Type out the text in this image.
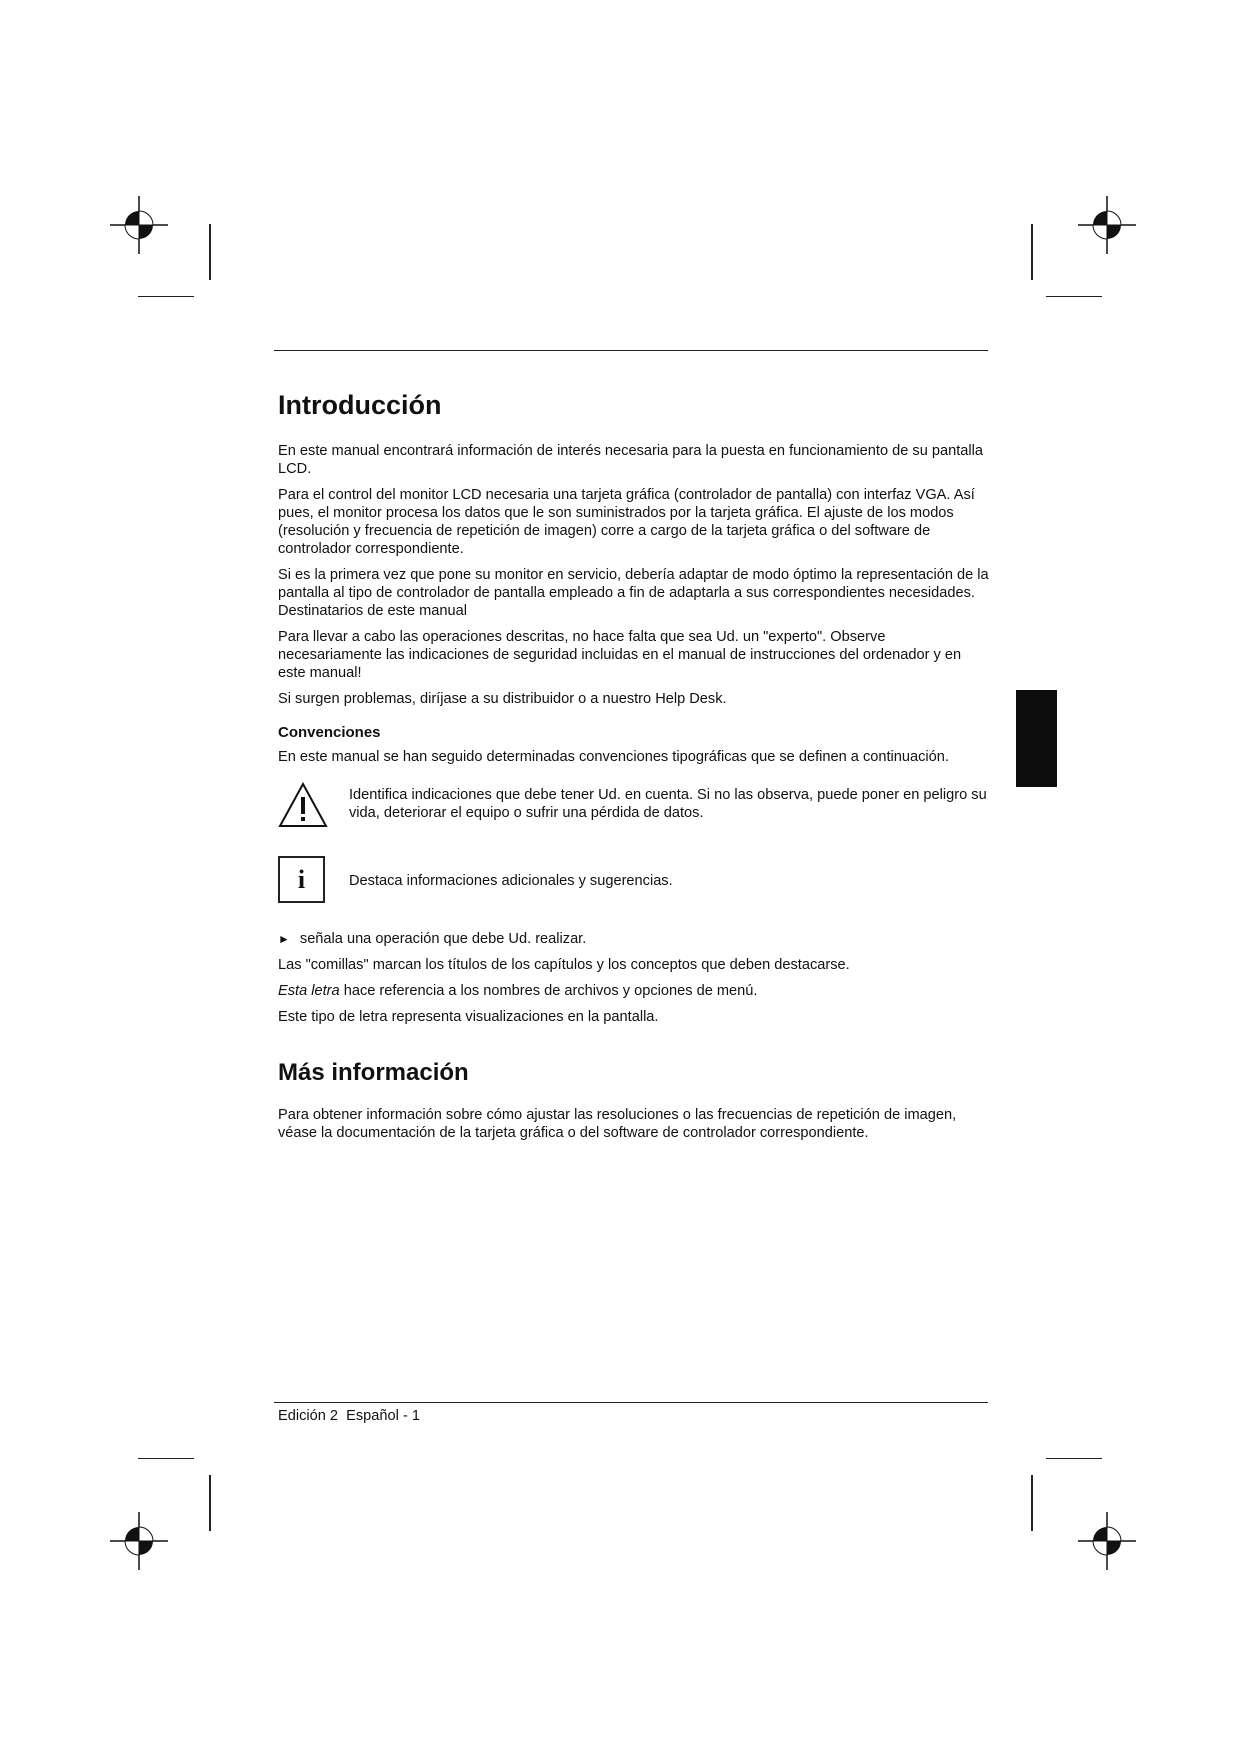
Introducción

En este manual encontrará información de interés necesaria para la puesta en funcionamiento de su pantalla LCD.

Para el control del monitor LCD necesaria una tarjeta gráfica (controlador de pantalla) con interfaz VGA. Así pues, el monitor procesa los datos que le son suministrados por la tarjeta gráfica. El ajuste de los modos (resolución y frecuencia de repetición de imagen) corre a cargo de la tarjeta gráfica o del software de controlador correspondiente.

Si es la primera vez que pone su monitor en servicio, debería adaptar de modo óptimo la representación de la pantalla al tipo de controlador de pantalla empleado a fin de adaptarla a sus correspondientes necesidades. Destinatarios de este manual

Para llevar a cabo las operaciones descritas, no hace falta que sea Ud. un "experto". Observe necesariamente las indicaciones de seguridad incluidas en el manual de instrucciones del ordenador y en este manual!

Si surgen problemas, diríjase a su distribuidor o a nuestro Help Desk.

Convenciones

En este manual se han seguido determinadas convenciones tipográficas que se definen a continuación.

Identifica indicaciones que debe tener Ud. en cuenta. Si no las observa, puede poner en peligro su vida, deteriorar el equipo o sufrir una pérdida de datos.
i	Destaca informaciones adicionales y sugerencias.

► señala una operación que debe Ud. realizar.

Las "comillas" marcan los títulos de los capítulos y los conceptos que deben destacarse.

Esta letra hace referencia a los nombres de archivos y opciones de menú.

Este tipo de letra representa visualizaciones en la pantalla.

Más información

Para obtener información sobre cómo ajustar las resoluciones o las frecuencias de repetición de imagen, véase la documentación de la tarjeta gráfica o del software de controlador correspondiente.

Edición 2 Español - 1
